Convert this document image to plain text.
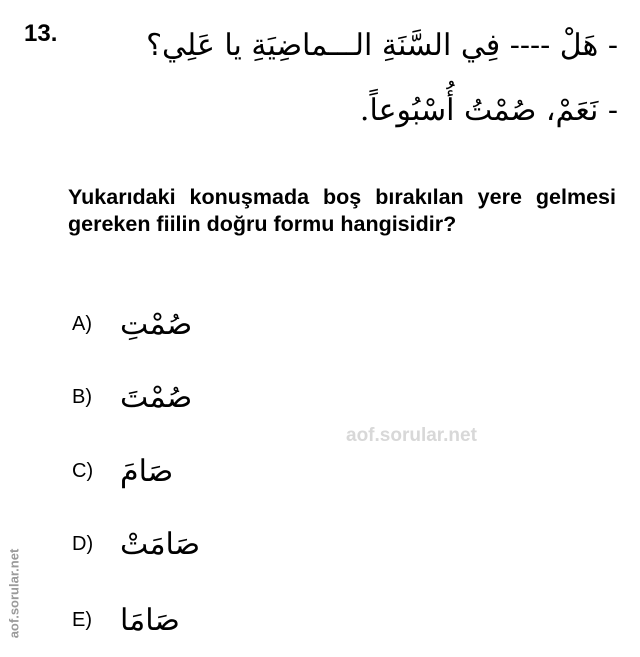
13.	- هَلْ ---- فِي السَّنَةِ الـــماضِيَةِ يا عَلِي؟
- نَعَمْ، صُمْتُ أُسْبُوعاً.
Yukarıdaki konuşmada boş bırakılan yere gelmesi gereken fiilin doğru formu hangisidir?
A) صُمْتِ
B) صُمْتَ
C) صَامَ
D) صَامَتْ
E) صَامَا
aof.sorular.net
aof.sorular.net
